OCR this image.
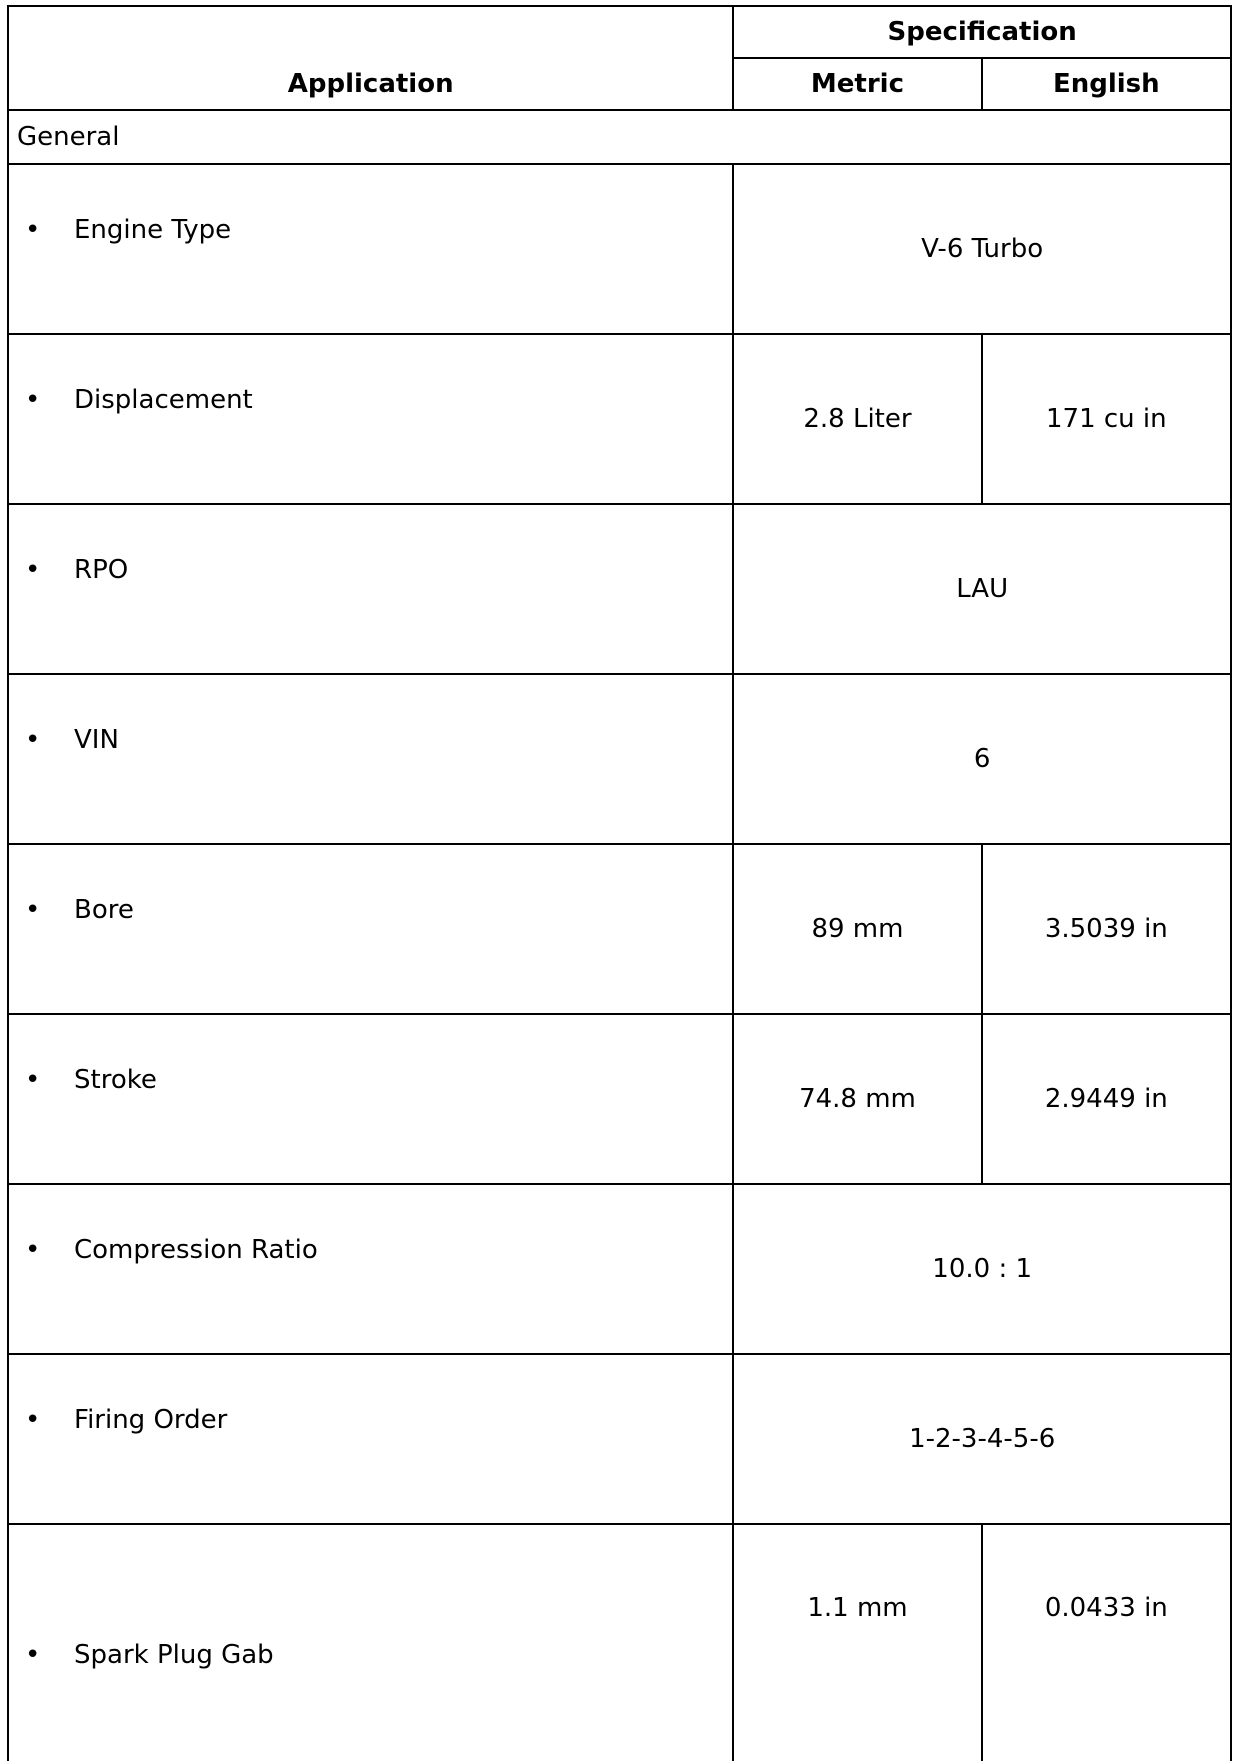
Application	Specification	
	Metric	English
General		

• Engine Type	V-6 Turbo	

• Displacement	2.8 Liter	171 cu in

• RPO	LAU	

• VIN	6	

• Bore	89 mm	3.5039 in

• Stroke	74.8 mm	2.9449 in

• Compression Ratio	10.0 : 1	

• Firing Order	1-2-3-4-5-6	

• Spark Plug Gab	1.1 mm	0.0433 in
